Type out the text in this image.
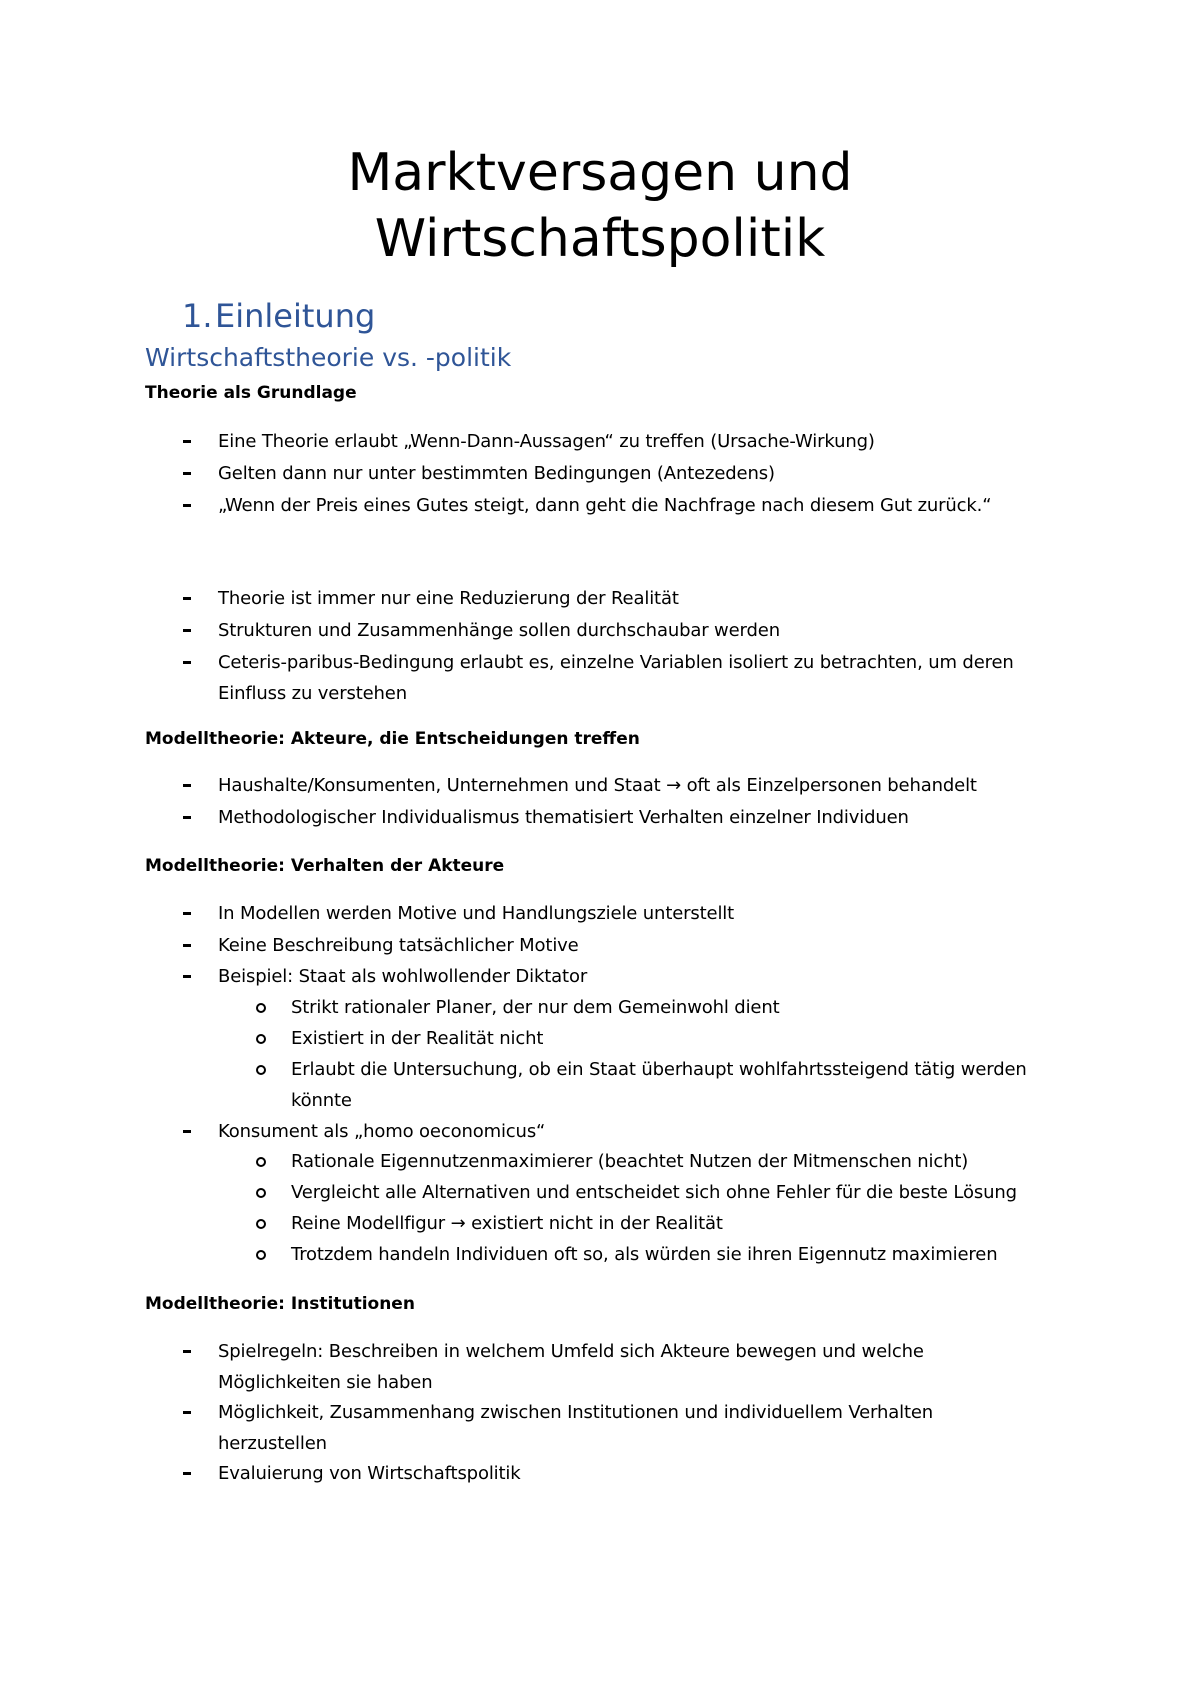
Marktversagen und
Wirtschaftspolitik
1.Einleitung
Wirtschaftstheorie vs. -politik
Theorie als Grundlage
Eine Theorie erlaubt „Wenn-Dann-Aussagen“ zu treffen (Ursache-Wirkung)
Gelten dann nur unter bestimmten Bedingungen (Antezedens)
„Wenn der Preis eines Gutes steigt, dann geht die Nachfrage nach diesem Gut zurück.“
Theorie ist immer nur eine Reduzierung der Realität
Strukturen und Zusammenhänge sollen durchschaubar werden
Ceteris-paribus-Bedingung erlaubt es, einzelne Variablen isoliert zu betrachten, um deren Einfluss zu verstehen
Modelltheorie: Akteure, die Entscheidungen treffen
Haushalte/Konsumenten, Unternehmen und Staat → oft als Einzelpersonen behandelt
Methodologischer Individualismus thematisiert Verhalten einzelner Individuen
Modelltheorie: Verhalten der Akteure
In Modellen werden Motive und Handlungsziele unterstellt
Keine Beschreibung tatsächlicher Motive
Beispiel: Staat als wohlwollender Diktator
Strikt rationaler Planer, der nur dem Gemeinwohl dient
Existiert in der Realität nicht
Erlaubt die Untersuchung, ob ein Staat überhaupt wohlfahrtssteigend tätig werden könnte
Konsument als „homo oeconomicus“
Rationale Eigennutzenmaximierer (beachtet Nutzen der Mitmenschen nicht)
Vergleicht alle Alternativen und entscheidet sich ohne Fehler für die beste Lösung
Reine Modellfigur → existiert nicht in der Realität
Trotzdem handeln Individuen oft so, als würden sie ihren Eigennutz maximieren
Modelltheorie: Institutionen
Spielregeln: Beschreiben in welchem Umfeld sich Akteure bewegen und welche Möglichkeiten sie haben
Möglichkeit, Zusammenhang zwischen Institutionen und individuellem Verhalten herzustellen
Evaluierung von Wirtschaftspolitik
